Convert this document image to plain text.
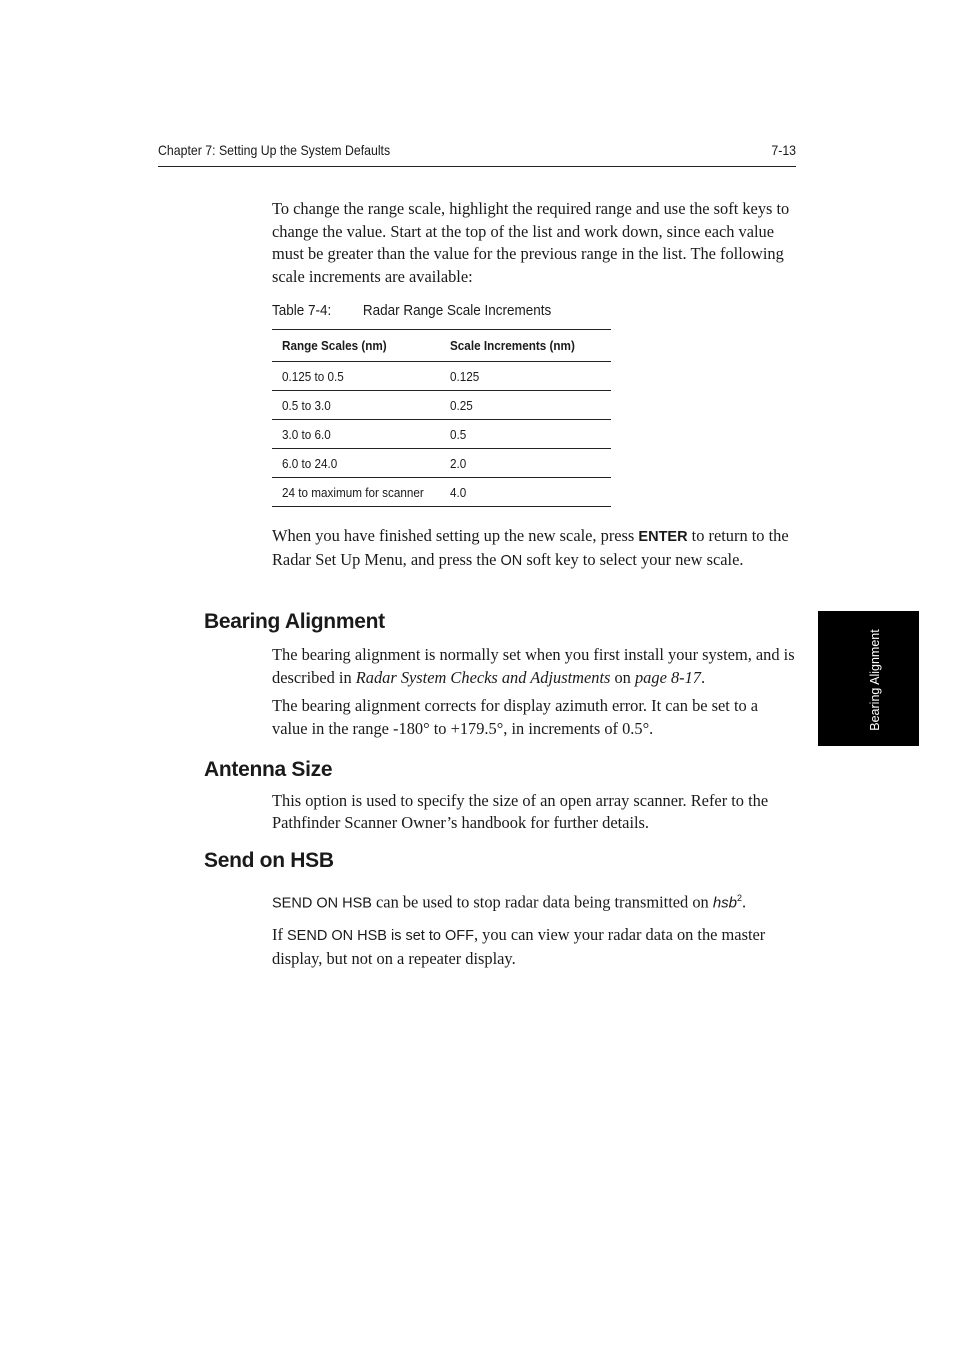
Chapter 7: Setting Up the System Defaults	7-13
Bearing Alignment

To change the range scale, highlight the required range and use the soft keys to change the value. Start at the top of the list and work down, since each value must be greater than the value for the previous range in the list. The following scale increments are available:

Table 7-4: Radar Range Scale Increments
Range Scales (nm)	Scale Increments (nm)
0.125 to 0.5	0.125
0.5 to 3.0	0.25
3.0 to 6.0	0.5
6.0 to 24.0	2.0
24 to maximum for scanner	4.0

When you have finished setting up the new scale, press ENTER to return to the Radar Set Up Menu, and press the ON soft key to select your new scale.

Bearing Alignment

The bearing alignment is normally set when you first install your system, and is described in Radar System Checks and Adjustments on page 8-17.

The bearing alignment corrects for display azimuth error. It can be set to a value in the range -180° to +179.5°, in increments of 0.5°.

Antenna Size

This option is used to specify the size of an open array scanner. Refer to the Pathfinder Scanner Owner’s handbook for further details.

Send on HSB

SEND ON HSB can be used to stop radar data being transmitted on hsb$^2$.

If SEND ON HSB is set to OFF, you can view your radar data on the master display, but not on a repeater display.
